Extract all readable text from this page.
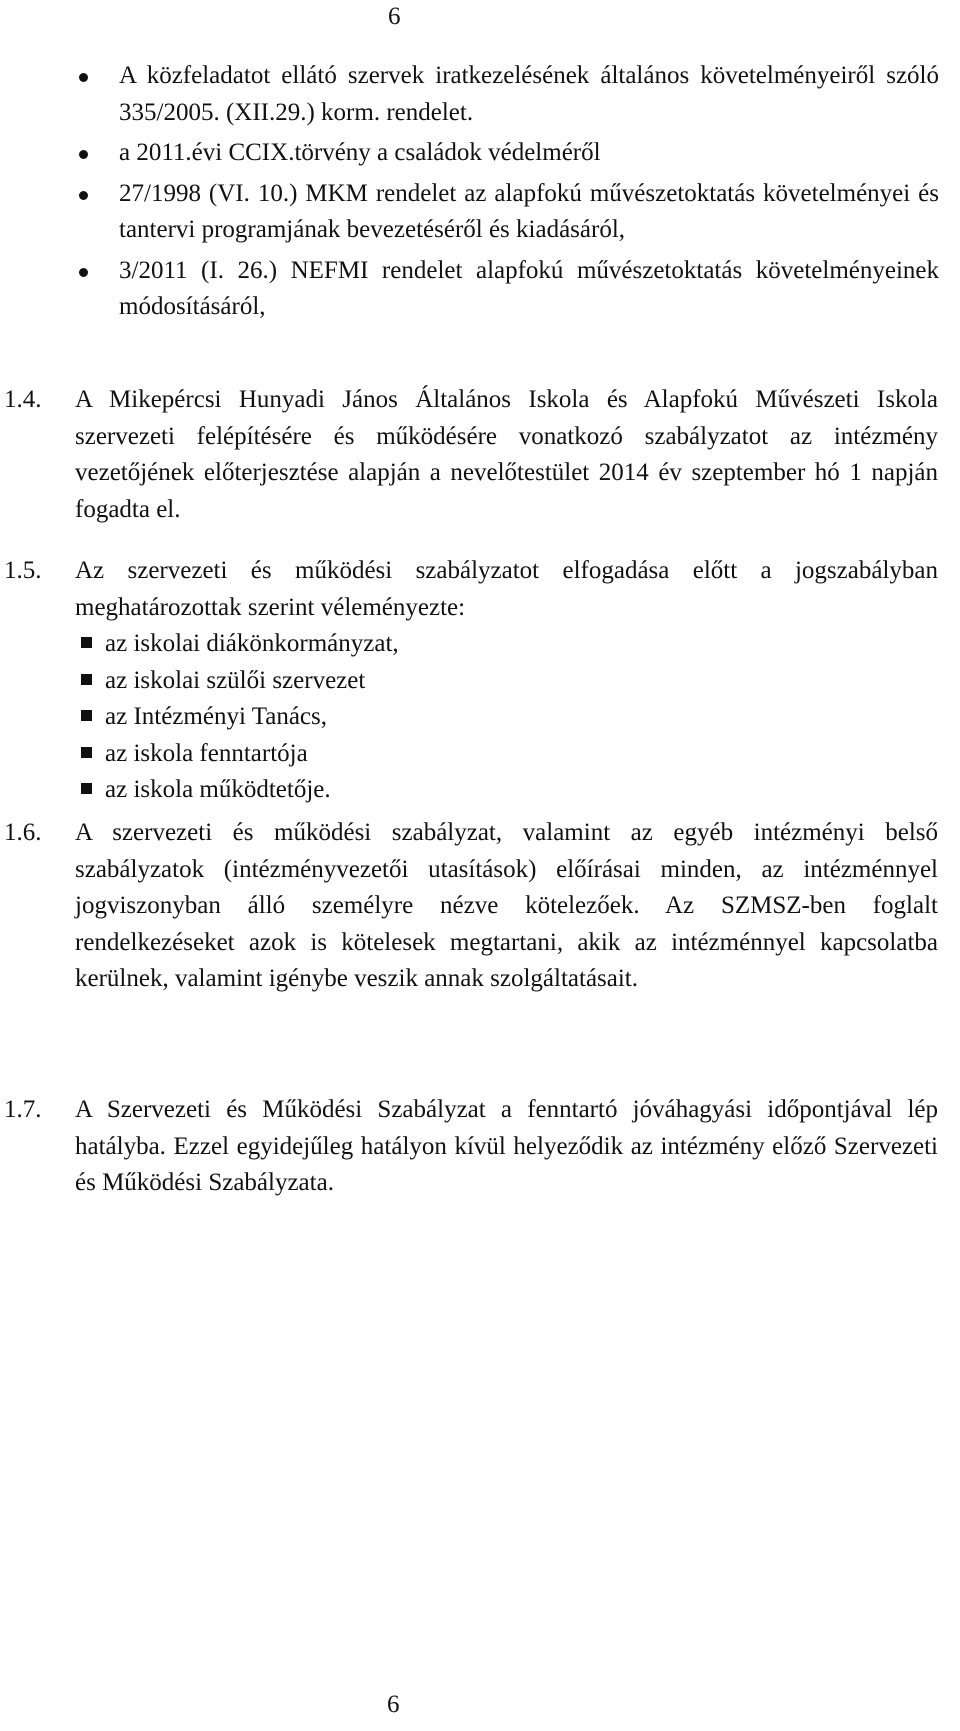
6

A közfeladatot ellátó szervek iratkezelésének általános követelményeiről szóló 335/2005. (XII.29.) korm. rendelet.

a 2011.évi CCIX.törvény a családok védelméről

27/1998 (VI. 10.) MKM rendelet az alapfokú művészetoktatás követelményei és tantervi programjának bevezetéséről és kiadásáról,

3/2011 (I. 26.) NEFMI rendelet alapfokú művészetoktatás követelményeinek módosításáról,

1.4. A Mikepércsi Hunyadi János Általános Iskola és Alapfokú Művészeti Iskola szervezeti felépítésére és működésére vonatkozó szabályzatot az intézmény vezetőjének előterjesztése alapján a nevelőtestület 2014 év szeptember hó 1 napján fogadta el.

1.5. Az szervezeti és működési szabályzatot elfogadása előtt a jogszabályban meghatározottak szerint véleményezte:

az iskolai diákönkormányzat,
az iskolai szülői szervezet
az Intézményi Tanács,
az iskola fenntartója
az iskola működtetője.
1.6. A szervezeti és működési szabályzat, valamint az egyéb intézményi belső szabályzatok (intézményvezetői utasítások) előírásai minden, az intézménnyel jogviszonyban álló személyre nézve kötelezőek. Az SZMSZ-ben foglalt rendelkezéseket azok is kötelesek megtartani, akik az intézménnyel kapcsolatba kerülnek, valamint igénybe veszik annak szolgáltatásait.

1.7. A Szervezeti és Működési Szabályzat a fenntartó jóváhagyási időpontjával lép hatályba. Ezzel egyidejűleg hatályon kívül helyeződik az intézmény előző Szervezeti és Működési Szabályzata.

6
